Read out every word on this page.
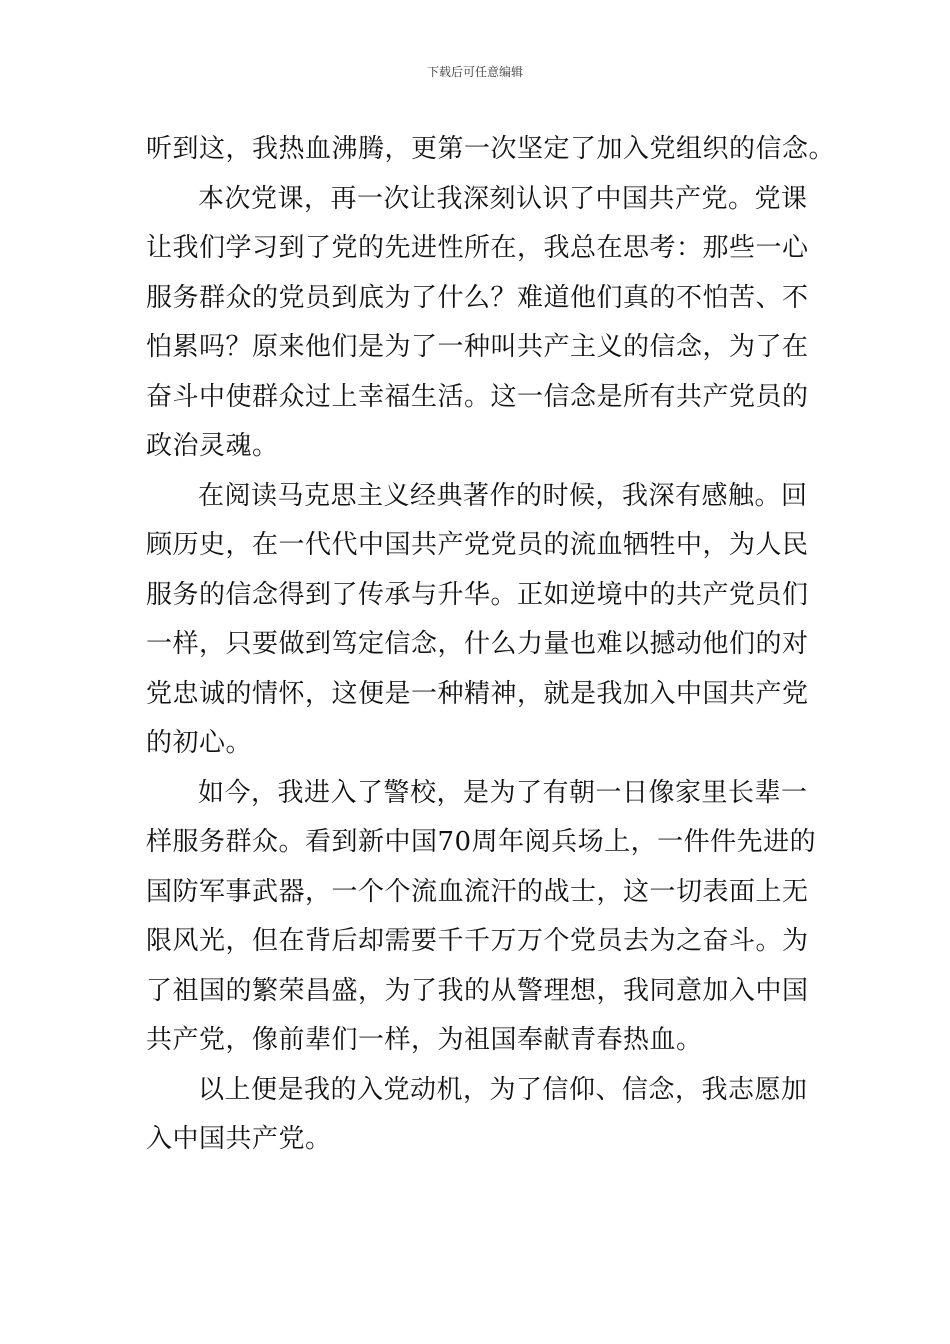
下载后可任意编辑

听到这，我热血沸腾，更第一次坚定了加入党组织的信念。

本次党课，再一次让我深刻认识了中国共产党。党课
让我们学习到了党的先进性所在，我总在思考：那些一心
服务群众的党员到底为了什么？难道他们真的不怕苦、不
怕累吗？原来他们是为了一种叫共产主义的信念，为了在
奋斗中使群众过上幸福生活。这一信念是所有共产党员的
政治灵魂。

在阅读马克思主义经典著作的时候，我深有感触。回
顾历史，在一代代中国共产党党员的流血牺牲中，为人民
服务的信念得到了传承与升华。正如逆境中的共产党员们
一样，只要做到笃定信念，什么力量也难以撼动他们的对
党忠诚的情怀，这便是一种精神，就是我加入中国共产党
的初心。

如今，我进入了警校，是为了有朝一日像家里长辈一
样服务群众。看到新中国70周年阅兵场上，一件件先进的
国防军事武器，一个个流血流汗的战士，这一切表面上无
限风光，但在背后却需要千千万万个党员去为之奋斗。为
了祖国的繁荣昌盛，为了我的从警理想，我同意加入中国
共产党，像前辈们一样，为祖国奉献青春热血。

以上便是我的入党动机，为了信仰、信念，我志愿加
入中国共产党。
